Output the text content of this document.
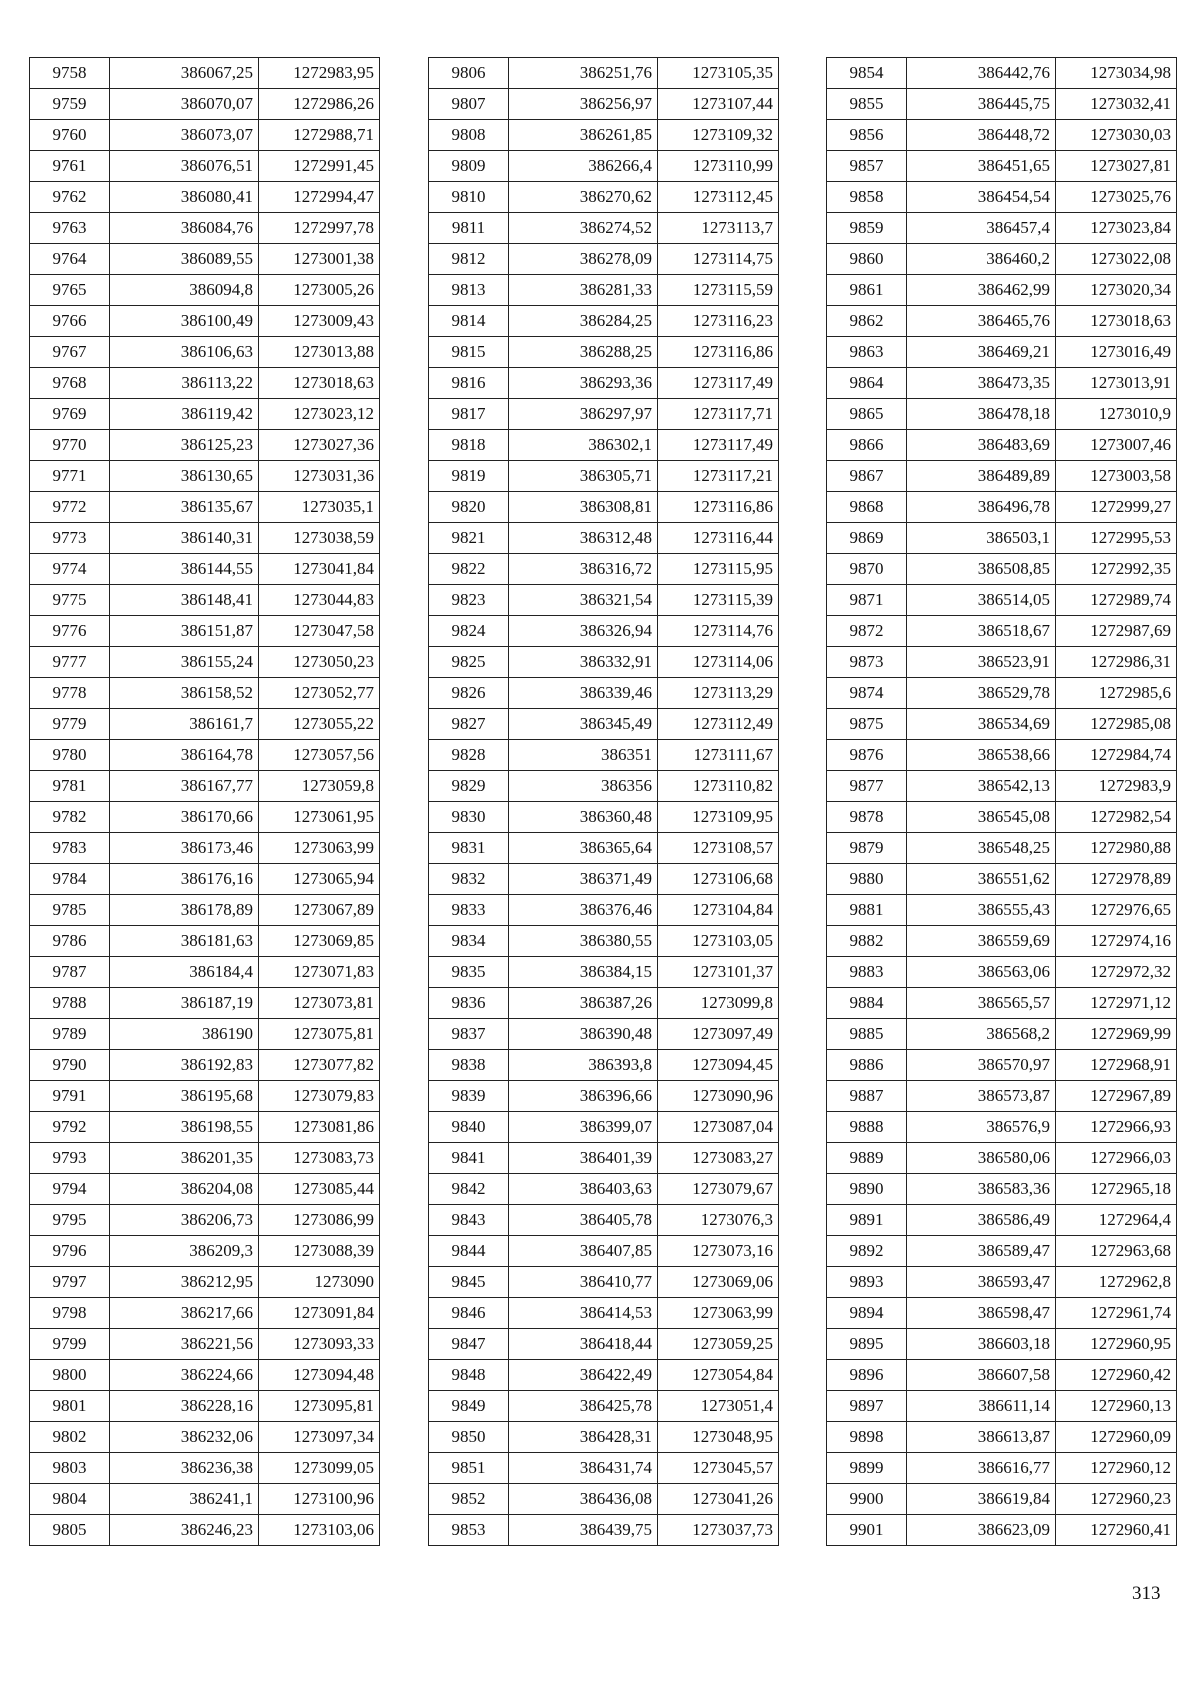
9758	386067,25	1272983,95
9759	386070,07	1272986,26
9760	386073,07	1272988,71
9761	386076,51	1272991,45
9762	386080,41	1272994,47
9763	386084,76	1272997,78
9764	386089,55	1273001,38
9765	386094,8	1273005,26
9766	386100,49	1273009,43
9767	386106,63	1273013,88
9768	386113,22	1273018,63
9769	386119,42	1273023,12
9770	386125,23	1273027,36
9771	386130,65	1273031,36
9772	386135,67	1273035,1
9773	386140,31	1273038,59
9774	386144,55	1273041,84
9775	386148,41	1273044,83
9776	386151,87	1273047,58
9777	386155,24	1273050,23
9778	386158,52	1273052,77
9779	386161,7	1273055,22
9780	386164,78	1273057,56
9781	386167,77	1273059,8
9782	386170,66	1273061,95
9783	386173,46	1273063,99
9784	386176,16	1273065,94
9785	386178,89	1273067,89
9786	386181,63	1273069,85
9787	386184,4	1273071,83
9788	386187,19	1273073,81
9789	386190	1273075,81
9790	386192,83	1273077,82
9791	386195,68	1273079,83
9792	386198,55	1273081,86
9793	386201,35	1273083,73
9794	386204,08	1273085,44
9795	386206,73	1273086,99
9796	386209,3	1273088,39
9797	386212,95	1273090
9798	386217,66	1273091,84
9799	386221,56	1273093,33
9800	386224,66	1273094,48
9801	386228,16	1273095,81
9802	386232,06	1273097,34
9803	386236,38	1273099,05
9804	386241,1	1273100,96
9805	386246,23	1273103,06
9806	386251,76	1273105,35
9807	386256,97	1273107,44
9808	386261,85	1273109,32
9809	386266,4	1273110,99
9810	386270,62	1273112,45
9811	386274,52	1273113,7
9812	386278,09	1273114,75
9813	386281,33	1273115,59
9814	386284,25	1273116,23
9815	386288,25	1273116,86
9816	386293,36	1273117,49
9817	386297,97	1273117,71
9818	386302,1	1273117,49
9819	386305,71	1273117,21
9820	386308,81	1273116,86
9821	386312,48	1273116,44
9822	386316,72	1273115,95
9823	386321,54	1273115,39
9824	386326,94	1273114,76
9825	386332,91	1273114,06
9826	386339,46	1273113,29
9827	386345,49	1273112,49
9828	386351	1273111,67
9829	386356	1273110,82
9830	386360,48	1273109,95
9831	386365,64	1273108,57
9832	386371,49	1273106,68
9833	386376,46	1273104,84
9834	386380,55	1273103,05
9835	386384,15	1273101,37
9836	386387,26	1273099,8
9837	386390,48	1273097,49
9838	386393,8	1273094,45
9839	386396,66	1273090,96
9840	386399,07	1273087,04
9841	386401,39	1273083,27
9842	386403,63	1273079,67
9843	386405,78	1273076,3
9844	386407,85	1273073,16
9845	386410,77	1273069,06
9846	386414,53	1273063,99
9847	386418,44	1273059,25
9848	386422,49	1273054,84
9849	386425,78	1273051,4
9850	386428,31	1273048,95
9851	386431,74	1273045,57
9852	386436,08	1273041,26
9853	386439,75	1273037,73
9854	386442,76	1273034,98
9855	386445,75	1273032,41
9856	386448,72	1273030,03
9857	386451,65	1273027,81
9858	386454,54	1273025,76
9859	386457,4	1273023,84
9860	386460,2	1273022,08
9861	386462,99	1273020,34
9862	386465,76	1273018,63
9863	386469,21	1273016,49
9864	386473,35	1273013,91
9865	386478,18	1273010,9
9866	386483,69	1273007,46
9867	386489,89	1273003,58
9868	386496,78	1272999,27
9869	386503,1	1272995,53
9870	386508,85	1272992,35
9871	386514,05	1272989,74
9872	386518,67	1272987,69
9873	386523,91	1272986,31
9874	386529,78	1272985,6
9875	386534,69	1272985,08
9876	386538,66	1272984,74
9877	386542,13	1272983,9
9878	386545,08	1272982,54
9879	386548,25	1272980,88
9880	386551,62	1272978,89
9881	386555,43	1272976,65
9882	386559,69	1272974,16
9883	386563,06	1272972,32
9884	386565,57	1272971,12
9885	386568,2	1272969,99
9886	386570,97	1272968,91
9887	386573,87	1272967,89
9888	386576,9	1272966,93
9889	386580,06	1272966,03
9890	386583,36	1272965,18
9891	386586,49	1272964,4
9892	386589,47	1272963,68
9893	386593,47	1272962,8
9894	386598,47	1272961,74
9895	386603,18	1272960,95
9896	386607,58	1272960,42
9897	386611,14	1272960,13
9898	386613,87	1272960,09
9899	386616,77	1272960,12
9900	386619,84	1272960,23
9901	386623,09	1272960,41
313
